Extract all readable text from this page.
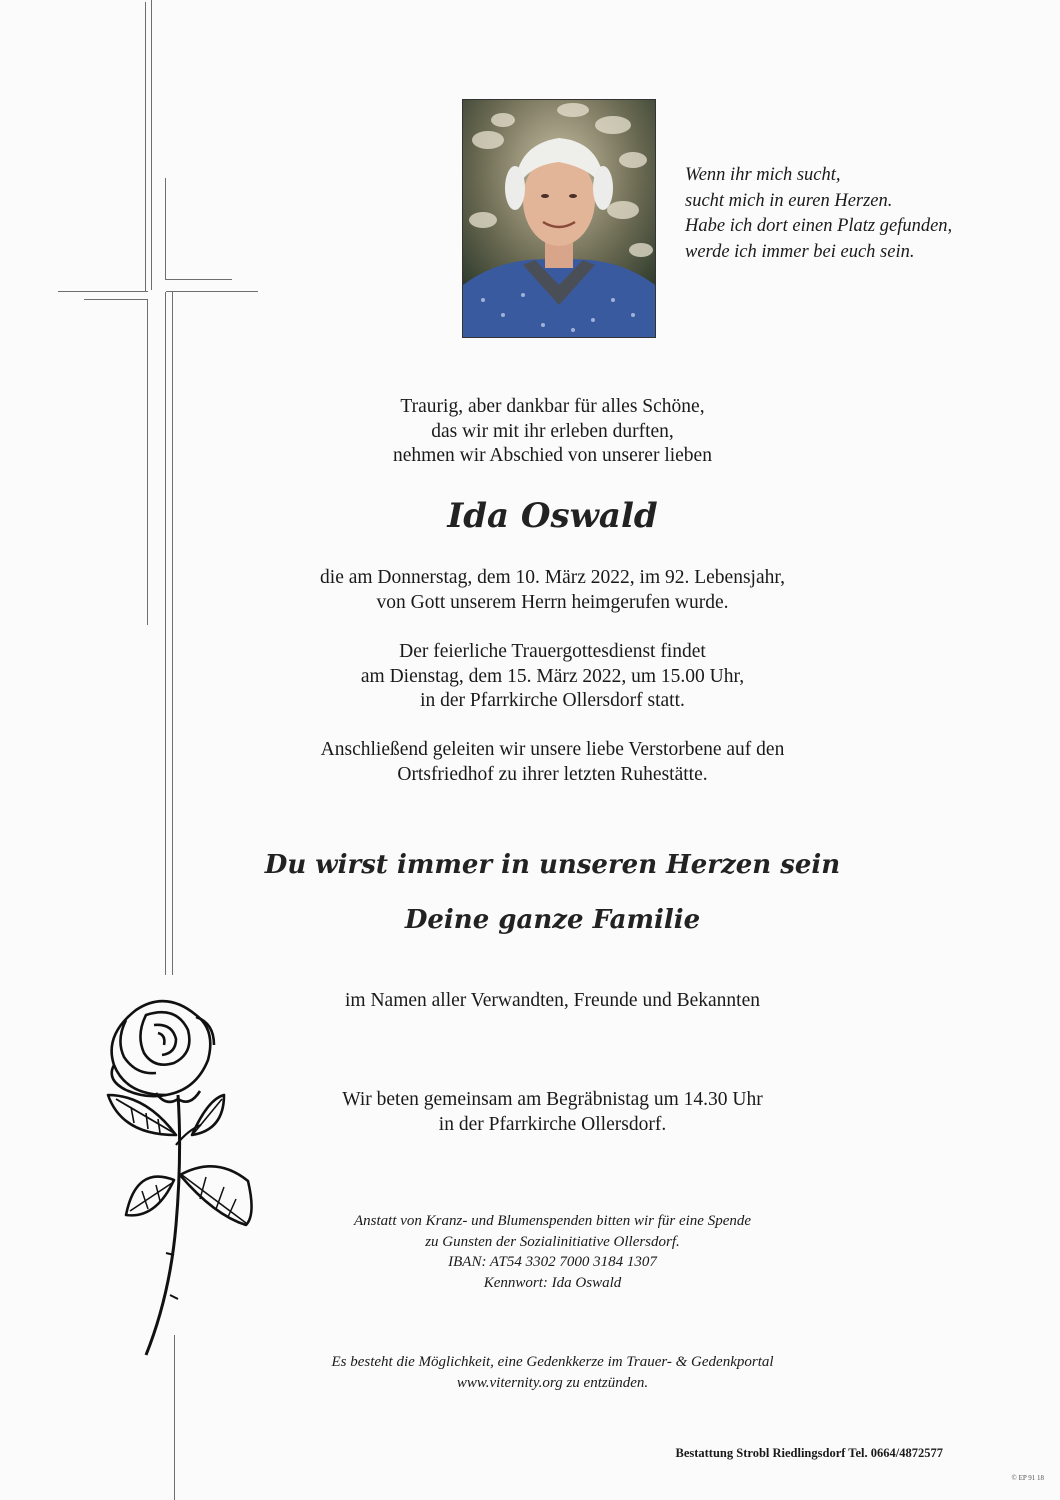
Wenn ihr mich sucht,
sucht mich in euren Herzen.
Habe ich dort einen Platz gefunden,
werde ich immer bei euch sein.
Traurig, aber dankbar für alles Schöne,
das wir mit ihr erleben durften,
nehmen wir Abschied von unserer lieben
Ida Oswald
die am Donnerstag, dem 10. März 2022, im 92. Lebensjahr,
von Gott unserem Herrn heimgerufen wurde.
Der feierliche Trauergottesdienst findet
am Dienstag, dem 15. März 2022, um 15.00 Uhr,
in der Pfarrkirche Ollersdorf statt.
Anschließend geleiten wir unsere liebe Verstorbene auf den
Ortsfriedhof zu ihrer letzten Ruhestätte.
Du wirst immer in unseren Herzen sein
Deine ganze Familie
im Namen aller Verwandten, Freunde und Bekannten
Wir beten gemeinsam am Begräbnistag um 14.30 Uhr
in der Pfarrkirche Ollersdorf.
Anstatt von Kranz- und Blumenspenden bitten wir für eine Spende
zu Gunsten der Sozialinitiative Ollersdorf.
IBAN: AT54 3302 7000 3184 1307
Kennwort: Ida Oswald
Es besteht die Möglichkeit, eine Gedenkkerze im Trauer- & Gedenkportal
www.viternity.org zu entzünden.
Bestattung Strobl Riedlingsdorf Tel. 0664/4872577
© EP 91 18
